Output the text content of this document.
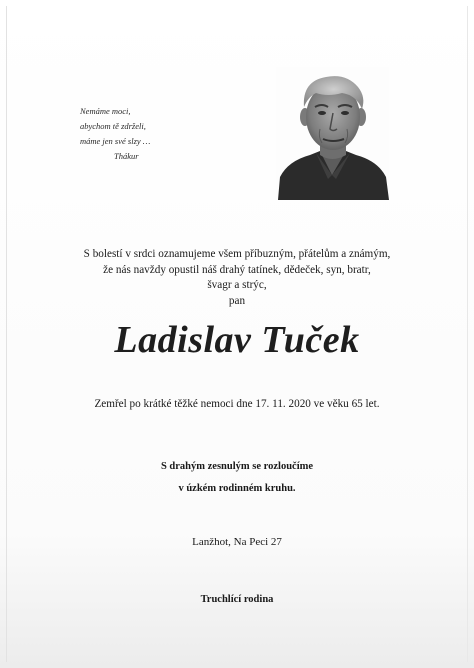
Nemáme moci,
abychom tě zdrželi,
máme jen své slzy …
Thákur
S bolestí v srdci oznamujeme všem příbuzným, přátelům a známým,
že nás navždy opustil náš drahý tatínek, dědeček, syn, bratr,
švagr a strýc,
pan
Ladislav Tuček
Zemřel po krátké těžké nemoci dne 17. 11. 2020 ve věku 65 let.
S drahým zesnulým se rozloučíme
v úzkém rodinném kruhu.
Lanžhot, Na Peci 27
Truchlící rodina
